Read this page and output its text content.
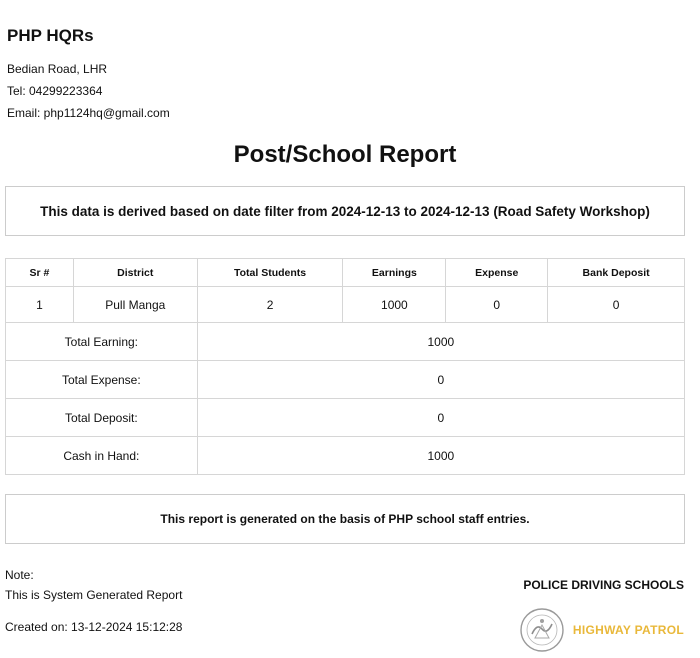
PHP HQRs
Bedian Road, LHR
Tel: 04299223364
Email: php1124hq@gmail.com
Post/School Report
This data is derived based on date filter from 2024-12-13 to 2024-12-13 (Road Safety Workshop)
Sr #	District	Total Students	Earnings	Expense	Bank Deposit
1	Pull Manga	2	1000	0	0
Total Earning:		1000			
Total Expense:		0			
Total Deposit:		0			
Cash in Hand:		1000			
This report is generated on the basis of PHP school staff entries.
Note:
This is System Generated Report
Created on: 13-12-2024 15:12:28
POLICE DRIVING SCHOOLS
HIGHWAY PATROL
